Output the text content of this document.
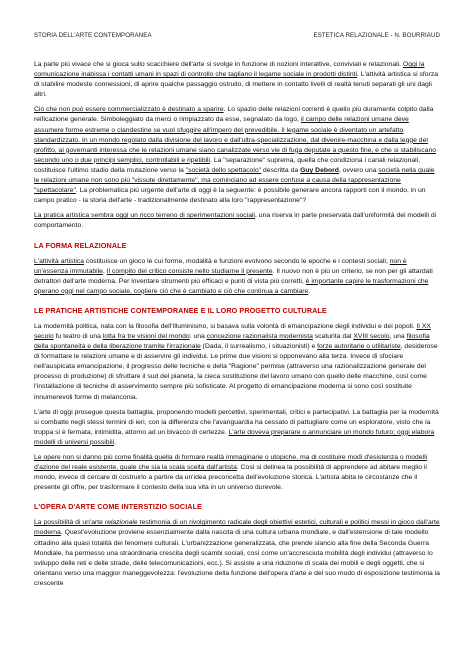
STORIA DELL'ARTE CONTEMPORANEA	ESTETICA RELAZIONALE - N. BOURRIAUD

La parte più vivace che si gioca sullo scacchiere dell'arte si svolge in funzione di nozioni interattive, conviviali e relazionali. Oggi la comunicazione inabissa i contatti umani in spazi di controllo che tagliano il legame sociale in prodotti distinti. L'attività artistica si sforza di stabilire modeste connessioni, di aprire qualche passaggio ostruito, di mettere in contatto livelli di realtà tenuti separati gli uni dagli altri.

Ciò che non può essere commercializzato è destinato a sparire. Lo spazio delle relazioni correnti è quello più duramente colpito dalla reificazione generale. Simboleggiato da merci o rimpiazzato da esse, segnalato da logo, il campo delle relazioni umane deve assumere forme estreme o clandestine se vuol sfuggire all'impero del prevedibile. Il legame sociale è diventato un artefatto standardizzato. In un mondo regolato dalla divisione del lavoro e dall'ultra-specializzazione, dal divenire-macchina e dalla legge del profitto, ai governanti interessa che le relazioni umane siano canalizzate verso vie di fuga deputate a questo fine, e che si stabiliscano secondo uno o due principi semplici, controllabili e ripetibili. La "separazione" suprema, quella che condiziona i canali relazionali, costituisce l'ultimo stadio della mutazione verso la "società dello spettacolo" descritta da Guy Debord, ovvero una società nella quale le relazioni umane non sono più "vissute direttamente", ma cominciano ad essere confuse a causa della rappresentazione "spettacolare". La problematica più urgente dell'arte di oggi è la seguente: è possibile generare ancora rapporti con il mondo, in un campo pratico - la storia dell'arte - tradizionalmente destinato alla loro "rappresentazione"?

La pratica artistica sembra oggi un ricco terreno di sperimentazioni sociali, una riserva in parte preservata dall'uniformità dei modelli di comportamento.

LA FORMA RELAZIONALE

L'attività artistica costituisce un gioco le cui forme, modalità e funzioni evolvono secondo le epoche e i contesti sociali; non è un'essenza immutabile. Il compito del critico consiste nello studiarne il presente. Il nuovo non è più un criterio, se non per gli attardati detrattori dell'arte moderna. Per inventare strumenti più efficaci e punti di vista più corretti, è importante capire le trasformazioni che operano oggi nel campo sociale, cogliere ciò che è cambiato e ciò che continua a cambiare.

LE PRATICHE ARTISTICHE CONTEMPORANEE E IL LORO PROGETTO CULTURALE

La modernità politica, nata con la filosofia dell'Illuminismo, si basava sulla volontà di emancipazione degli individui e dei popoli. Il XX secolo fu teatro di una lotta fra tre visioni del mondo: una concezione razionalista modernista scaturita dal XVIII secolo, una filosofia della spontaneità e della liberazione tramite l'irrazionale (Dada, il surrealismo, i situazionisti) e forze autoritarie o utilitariste, desiderose di formattare le relazioni umane e di asservire gli individui. Le prime due visioni si opponevano alla terza. Invece di sfociare nell'auspicata emancipazione, il progresso delle tecniche e della "Ragione" permise (attraverso una razionalizzazione generale del processo di produzione) di sfruttare il sud del pianeta, la cieca sostituzione del lavoro umano con quello delle macchine, così come l'installazione di tecniche di asservimento sempre più sofisticate. Al progetto di emancipazione moderna si sono così sostituite innumerevoli forme di melanconia.

L'arte di oggi prosegue questa battaglia, proponendo modelli percettivi, sperimentali, critici e partecipativi. La battaglia per la modernità si combatte negli stessi termini di ieri, con la differenza che l'avanguardia ha cessato di pattugliare come un esploratore, visto che la truppa si è fermata, intimidita, attorno ad un bivacco di certezze. L'arte doveva preparare o annunciare un mondo futuro; oggi elabora modelli di universi possibili.

Le opere non si danno più come finalità quella di formare realtà immaginarie o utopiche, ma di costituire modi d'esistenza o modelli d'azione del reale esistente, quale che sia la scala scelta dall'artista. Così si delinea la possibilità di apprendere ad abitare meglio il mondo, invece di cercare di costruirlo a partire da un'idea preconcetta dell'evoluzione storica. L'artista abita le circostanze che il presente gli offre, per trasformare il contesto della sua vita in un universo durevole.

L'OPERA D'ARTE COME INTERSTIZIO SOCIALE

La possibilità di un'arte relazionale testimonia di un rivolgimento radicale degli obiettivi estetici, culturali e politici messi in gioco dall'arte moderna. Quest'evoluzione proviene essenzialmente dalla nascita di una cultura urbana mondiale, e dall'estensione di tale modello cittadino alla quasi totalità dei fenomeni culturali. L'urbanizzazione generalizzata, che prende slancio alla fine della Seconda Guerra Mondiale, ha permesso una straordinaria crescita degli scambi sociali, così come un'accresciuta mobilità degli individui (attraverso lo sviluppo delle reti e delle strade, delle telecomunicazioni, ecc.). Si assiste a una riduzione di scala dei mobili e degli oggetti, che si orientano verso una maggior maneggevolezza: l'evoluzione della funzione dell'opera d'arte e del suo modo di esposizione testimonia la crescente
